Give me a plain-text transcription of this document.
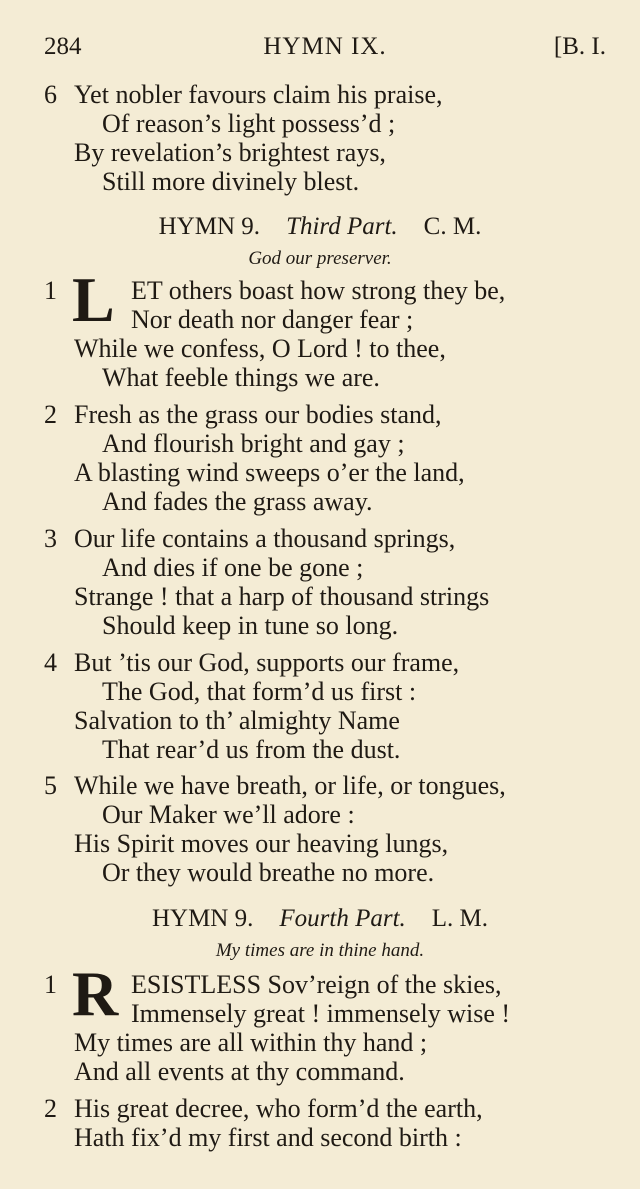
284	HYMN IX.	[B. I.
6 Yet nobler favours claim his praise,
Of reason’s light possess’d ;
By revelation’s brightest rays,
Still more divinely blest.
HYMN 9. Third Part. C. M.
God our preserver.
1 L ET others boast how strong they be,
Nor death nor danger fear ;
While we confess, O Lord ! to thee,
What feeble things we are.
2 Fresh as the grass our bodies stand,
And flourish bright and gay ;
A blasting wind sweeps o’er the land,
And fades the grass away.
3 Our life contains a thousand springs,
And dies if one be gone ;
Strange ! that a harp of thousand strings
Should keep in tune so long.
4 But ’tis our God, supports our frame,
The God, that form’d us first :
Salvation to th’ almighty Name
That rear’d us from the dust.
5 While we have breath, or life, or tongues,
Our Maker we’ll adore :
His Spirit moves our heaving lungs,
Or they would breathe no more.
HYMN 9. Fourth Part. L. M.
My times are in thine hand.
1 R ESISTLESS Sov’reign of the skies,
Immensely great ! immensely wise !
My times are all within thy hand ;
And all events at thy command.
2 His great decree, who form’d the earth,
Hath fix’d my first and second birth :
